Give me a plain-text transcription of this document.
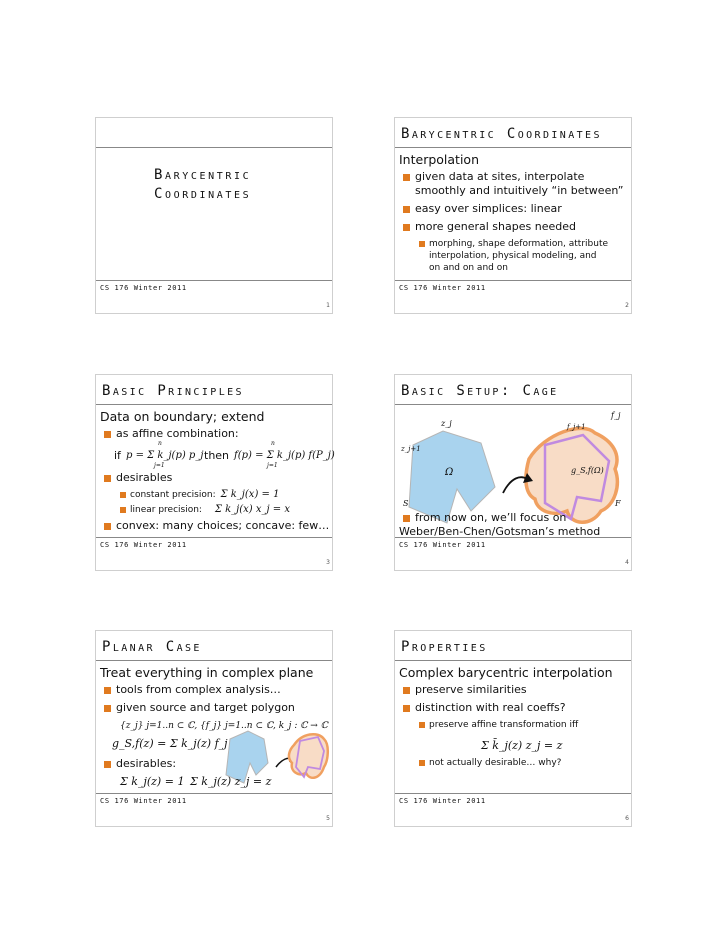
Barycentric
Coordinates
CS 176 Winter 2011
1
Barycentric Coordinates
Interpolation
given data at sites, interpolate
smoothly and intuitively “in between”
easy over simplices: linear
more general shapes needed
morphing, shape deformation, attribute
interpolation, physical modeling, and
on and on and on
CS 176 Winter 2011
2
Basic Principles
Data on boundary; extend
as affine combination:
if p = Σ k_j(p) p_j then f(p) = Σ k_j(p) f(P_j)
n
j=1
n
j=1
desirables
constant precision: Σ k_j(x) = 1
linear precision: Σ k_j(x) x_j = x
convex: many choices; concave: few…
CS 176 Winter 2011
3
Basic Setup: Cage
z_j
z_j+1
Ω
S
f_j
f_j+1
g_S,f(Ω)
F
from now on, we’ll focus on
Weber/Ben-Chen/Gotsman’s method
CS 176 Winter 2011
4
Planar Case
Treat everything in complex plane
tools from complex analysis…
given source and target polygon
{z_j} j=1..n ⊂ ℂ, {f_j} j=1..n ⊂ ℂ, k_j : ℂ → ℂ
g_S,f(z) = Σ k_j(z) f_j
desirables:
Σ k_j(z) = 1 Σ k_j(z) z_j = z
CS 176 Winter 2011
5
Properties
Complex barycentric interpolation
preserve similarities
distinction with real coeffs?
preserve affine transformation iff
Σ k̄_j(z) z_j = z
not actually desirable… why?
CS 176 Winter 2011
6
